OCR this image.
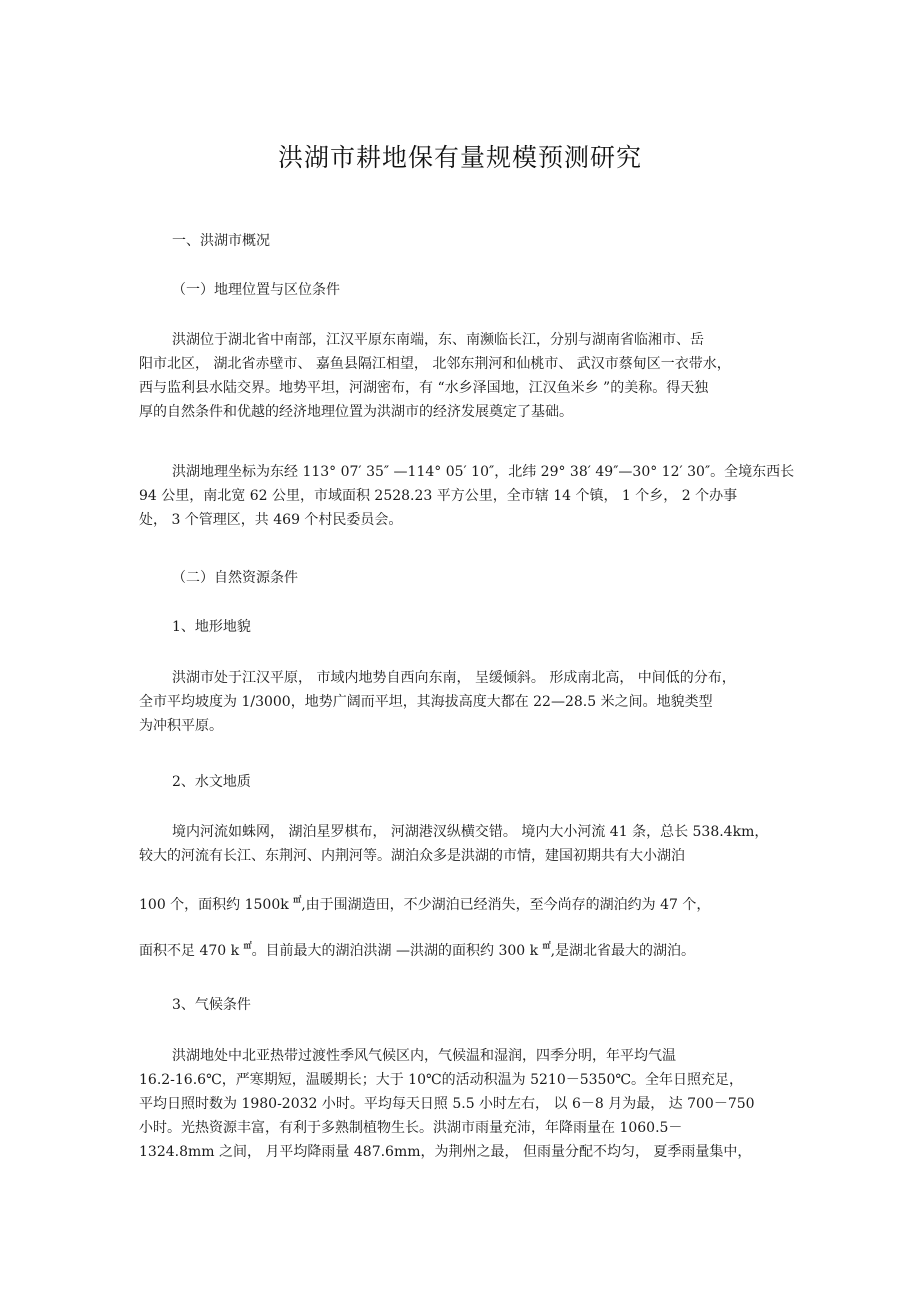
洪湖市耕地保有量规模预测研究
一、洪湖市概况
（一）地理位置与区位条件
洪湖位于湖北省中南部，江汉平原东南端，东、南濒临长江，分别与湖南省临湘市、岳
阳市北区， 湖北省赤壁市、 嘉鱼县隔江相望， 北邻东荆河和仙桃市、 武汉市蔡甸区一衣带水，
西与监利县水陆交界。地势平坦，河湖密布，有 “水乡泽国地，江汉鱼米乡 ”的美称。得天独
厚的自然条件和优越的经济地理位置为洪湖市的经济发展奠定了基础。
洪湖地理坐标为东经 113° 07′ 35″ —114° 05′ 10″，北纬 29° 38′ 49″—30° 12′ 30″。全境东西长
94 公里，南北宽 62 公里，市域面积 2528.23 平方公里，全市辖 14 个镇， 1 个乡， 2 个办事
处， 3 个管理区，共 469 个村民委员会。
（二）自然资源条件
1、地形地貌
洪湖市处于江汉平原， 市域内地势自西向东南， 呈缓倾斜。 形成南北高， 中间低的分布，
全市平均坡度为 1/3000，地势广阔而平坦，其海拔高度大都在 22—28.5 米之间。地貌类型
为冲积平原。
2、水文地质
境内河流如蛛网， 湖泊星罗棋布， 河湖港汊纵横交错。 境内大小河流 41 条，总长 538.4km，
较大的河流有长江、东荆河、内荆河等。湖泊众多是洪湖的市情，建国初期共有大小湖泊
100 个，面积约 1500k ㎡,由于围湖造田，不少湖泊已经消失，至今尚存的湖泊约为 47 个，
面积不足 470 k ㎡。目前最大的湖泊洪湖 —洪湖的面积约 300 k ㎡,是湖北省最大的湖泊。
3、气候条件
洪湖地处中北亚热带过渡性季风气候区内，气候温和湿润，四季分明，年平均气温
16.2-16.6℃，严寒期短，温暖期长；大于 10℃的活动积温为 5210－5350℃。全年日照充足，
平均日照时数为 1980-2032 小时。平均每天日照 5.5 小时左右， 以 6－8 月为最， 达 700－750
小时。光热资源丰富，有利于多熟制植物生长。洪湖市雨量充沛，年降雨量在 1060.5－
1324.8mm 之间， 月平均降雨量 487.6mm，为荆州之最， 但雨量分配不均匀， 夏季雨量集中，
